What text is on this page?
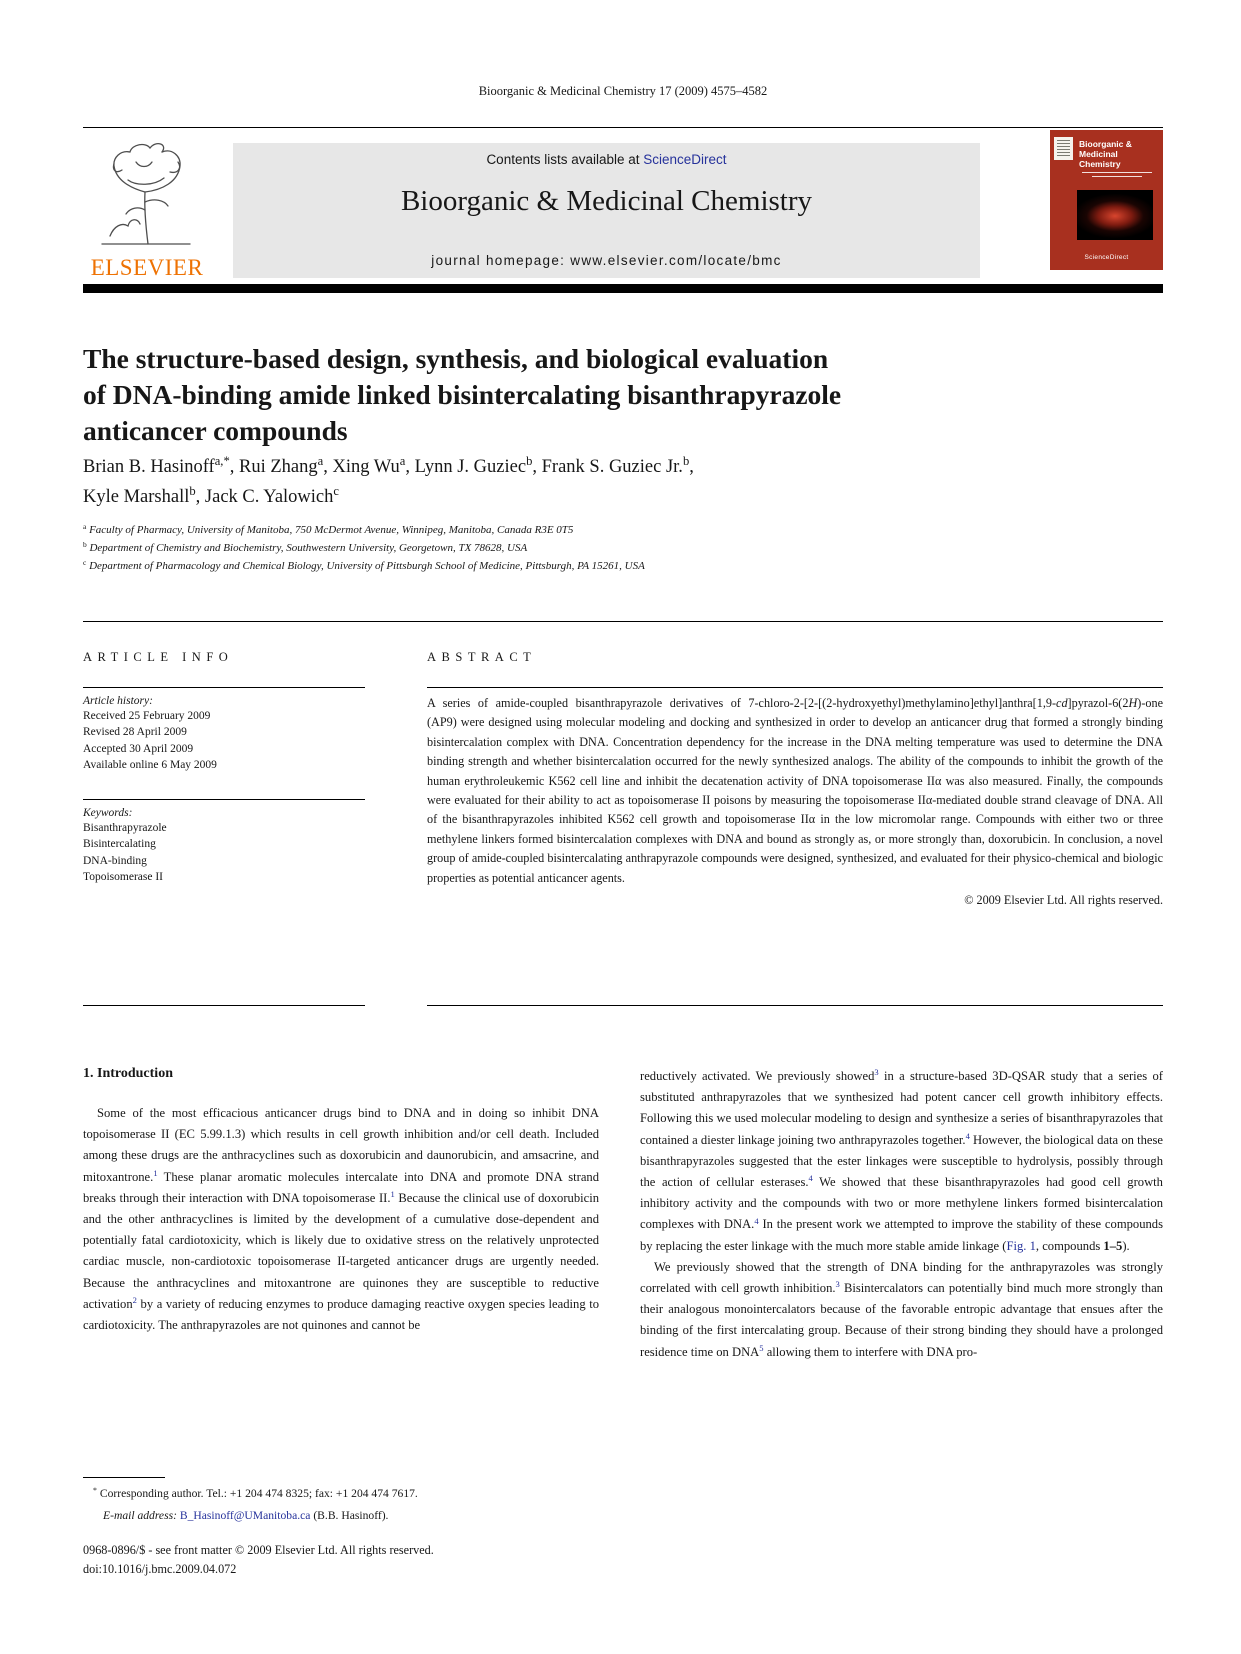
Bioorganic & Medicinal Chemistry 17 (2009) 4575–4582
ELSEVIER
Contents lists available at ScienceDirect
Bioorganic & Medicinal Chemistry
journal homepage: www.elsevier.com/locate/bmc
Bioorganic & Medicinal Chemistry
ScienceDirect
The structure-based design, synthesis, and biological evaluation
of DNA-binding amide linked bisintercalating bisanthrapyrazole
anticancer compounds
Brian B. Hasinoff$^{a,*}$, Rui Zhang$^a$, Xing Wu$^a$, Lynn J. Guziec$^b$, Frank S. Guziec Jr.$^b$,
Kyle Marshall$^b$, Jack C. Yalowich$^c$
$^a$ Faculty of Pharmacy, University of Manitoba, 750 McDermot Avenue, Winnipeg, Manitoba, Canada R3E 0T5
$^b$ Department of Chemistry and Biochemistry, Southwestern University, Georgetown, TX 78628, USA
$^c$ Department of Pharmacology and Chemical Biology, University of Pittsburgh School of Medicine, Pittsburgh, PA 15261, USA
ARTICLE INFO
Article history:
Received 25 February 2009
Revised 28 April 2009
Accepted 30 April 2009
Available online 6 May 2009
Keywords:
Bisanthrapyrazole
Bisintercalating
DNA-binding
Topoisomerase II
ABSTRACT
A series of amide-coupled bisanthrapyrazole derivatives of 7-chloro-2-[2-[(2-hydroxyethyl)methylamino]ethyl]anthra[1,9-cd]pyrazol-6(2H)-one (AP9) were designed using molecular modeling and docking and synthesized in order to develop an anticancer drug that formed a strongly binding bisintercalation complex with DNA. Concentration dependency for the increase in the DNA melting temperature was used to determine the DNA binding strength and whether bisintercalation occurred for the newly synthesized analogs. The ability of the compounds to inhibit the growth of the human erythroleukemic K562 cell line and inhibit the decatenation activity of DNA topoisomerase IIα was also measured. Finally, the compounds were evaluated for their ability to act as topoisomerase II poisons by measuring the topoisomerase IIα-mediated double strand cleavage of DNA. All of the bisanthrapyrazoles inhibited K562 cell growth and topoisomerase IIα in the low micromolar range. Compounds with either two or three methylene linkers formed bisintercalation complexes with DNA and bound as strongly as, or more strongly than, doxorubicin. In conclusion, a novel group of amide-coupled bisintercalating anthrapyrazole compounds were designed, synthesized, and evaluated for their physico-chemical and biologic properties as potential anticancer agents.
© 2009 Elsevier Ltd. All rights reserved.
1. Introduction
Some of the most efficacious anticancer drugs bind to DNA and in doing so inhibit DNA topoisomerase II (EC 5.99.1.3) which results in cell growth inhibition and/or cell death. Included among these drugs are the anthracyclines such as doxorubicin and daunorubicin, and amsacrine, and mitoxantrone.$^1$ These planar aromatic molecules intercalate into DNA and promote DNA strand breaks through their interaction with DNA topoisomerase II.$^1$ Because the clinical use of doxorubicin and the other anthracyclines is limited by the development of a cumulative dose-dependent and potentially fatal cardiotoxicity, which is likely due to oxidative stress on the relatively unprotected cardiac muscle, non-cardiotoxic topoisomerase II-targeted anticancer drugs are urgently needed. Because the anthracyclines and mitoxantrone are quinones they are susceptible to reductive activation$^2$ by a variety of reducing enzymes to produce damaging reactive oxygen species leading to cardiotoxicity. The anthrapyrazoles are not quinones and cannot be
reductively activated. We previously showed$^3$ in a structure-based 3D-QSAR study that a series of substituted anthrapyrazoles that we synthesized had potent cancer cell growth inhibitory effects. Following this we used molecular modeling to design and synthesize a series of bisanthrapyrazoles that contained a diester linkage joining two anthrapyrazoles together.$^4$ However, the biological data on these bisanthrapyrazoles suggested that the ester linkages were susceptible to hydrolysis, possibly through the action of cellular esterases.$^4$ We showed that these bisanthrapyrazoles had good cell growth inhibitory activity and the compounds with two or more methylene linkers formed bisintercalation complexes with DNA.$^4$ In the present work we attempted to improve the stability of these compounds by replacing the ester linkage with the much more stable amide linkage (Fig. 1, compounds 1–5).
We previously showed that the strength of DNA binding for the anthrapyrazoles was strongly correlated with cell growth inhibition.$^3$ Bisintercalators can potentially bind much more strongly than their analogous monointercalators because of the favorable entropic advantage that ensues after the binding of the first intercalating group. Because of their strong binding they should have a prolonged residence time on DNA$^5$ allowing them to interfere with DNA pro-
* Corresponding author. Tel.: +1 204 474 8325; fax: +1 204 474 7617.
E-mail address: B_Hasinoff@UManitoba.ca (B.B. Hasinoff).
0968-0896/$ - see front matter © 2009 Elsevier Ltd. All rights reserved.
doi:10.1016/j.bmc.2009.04.072
